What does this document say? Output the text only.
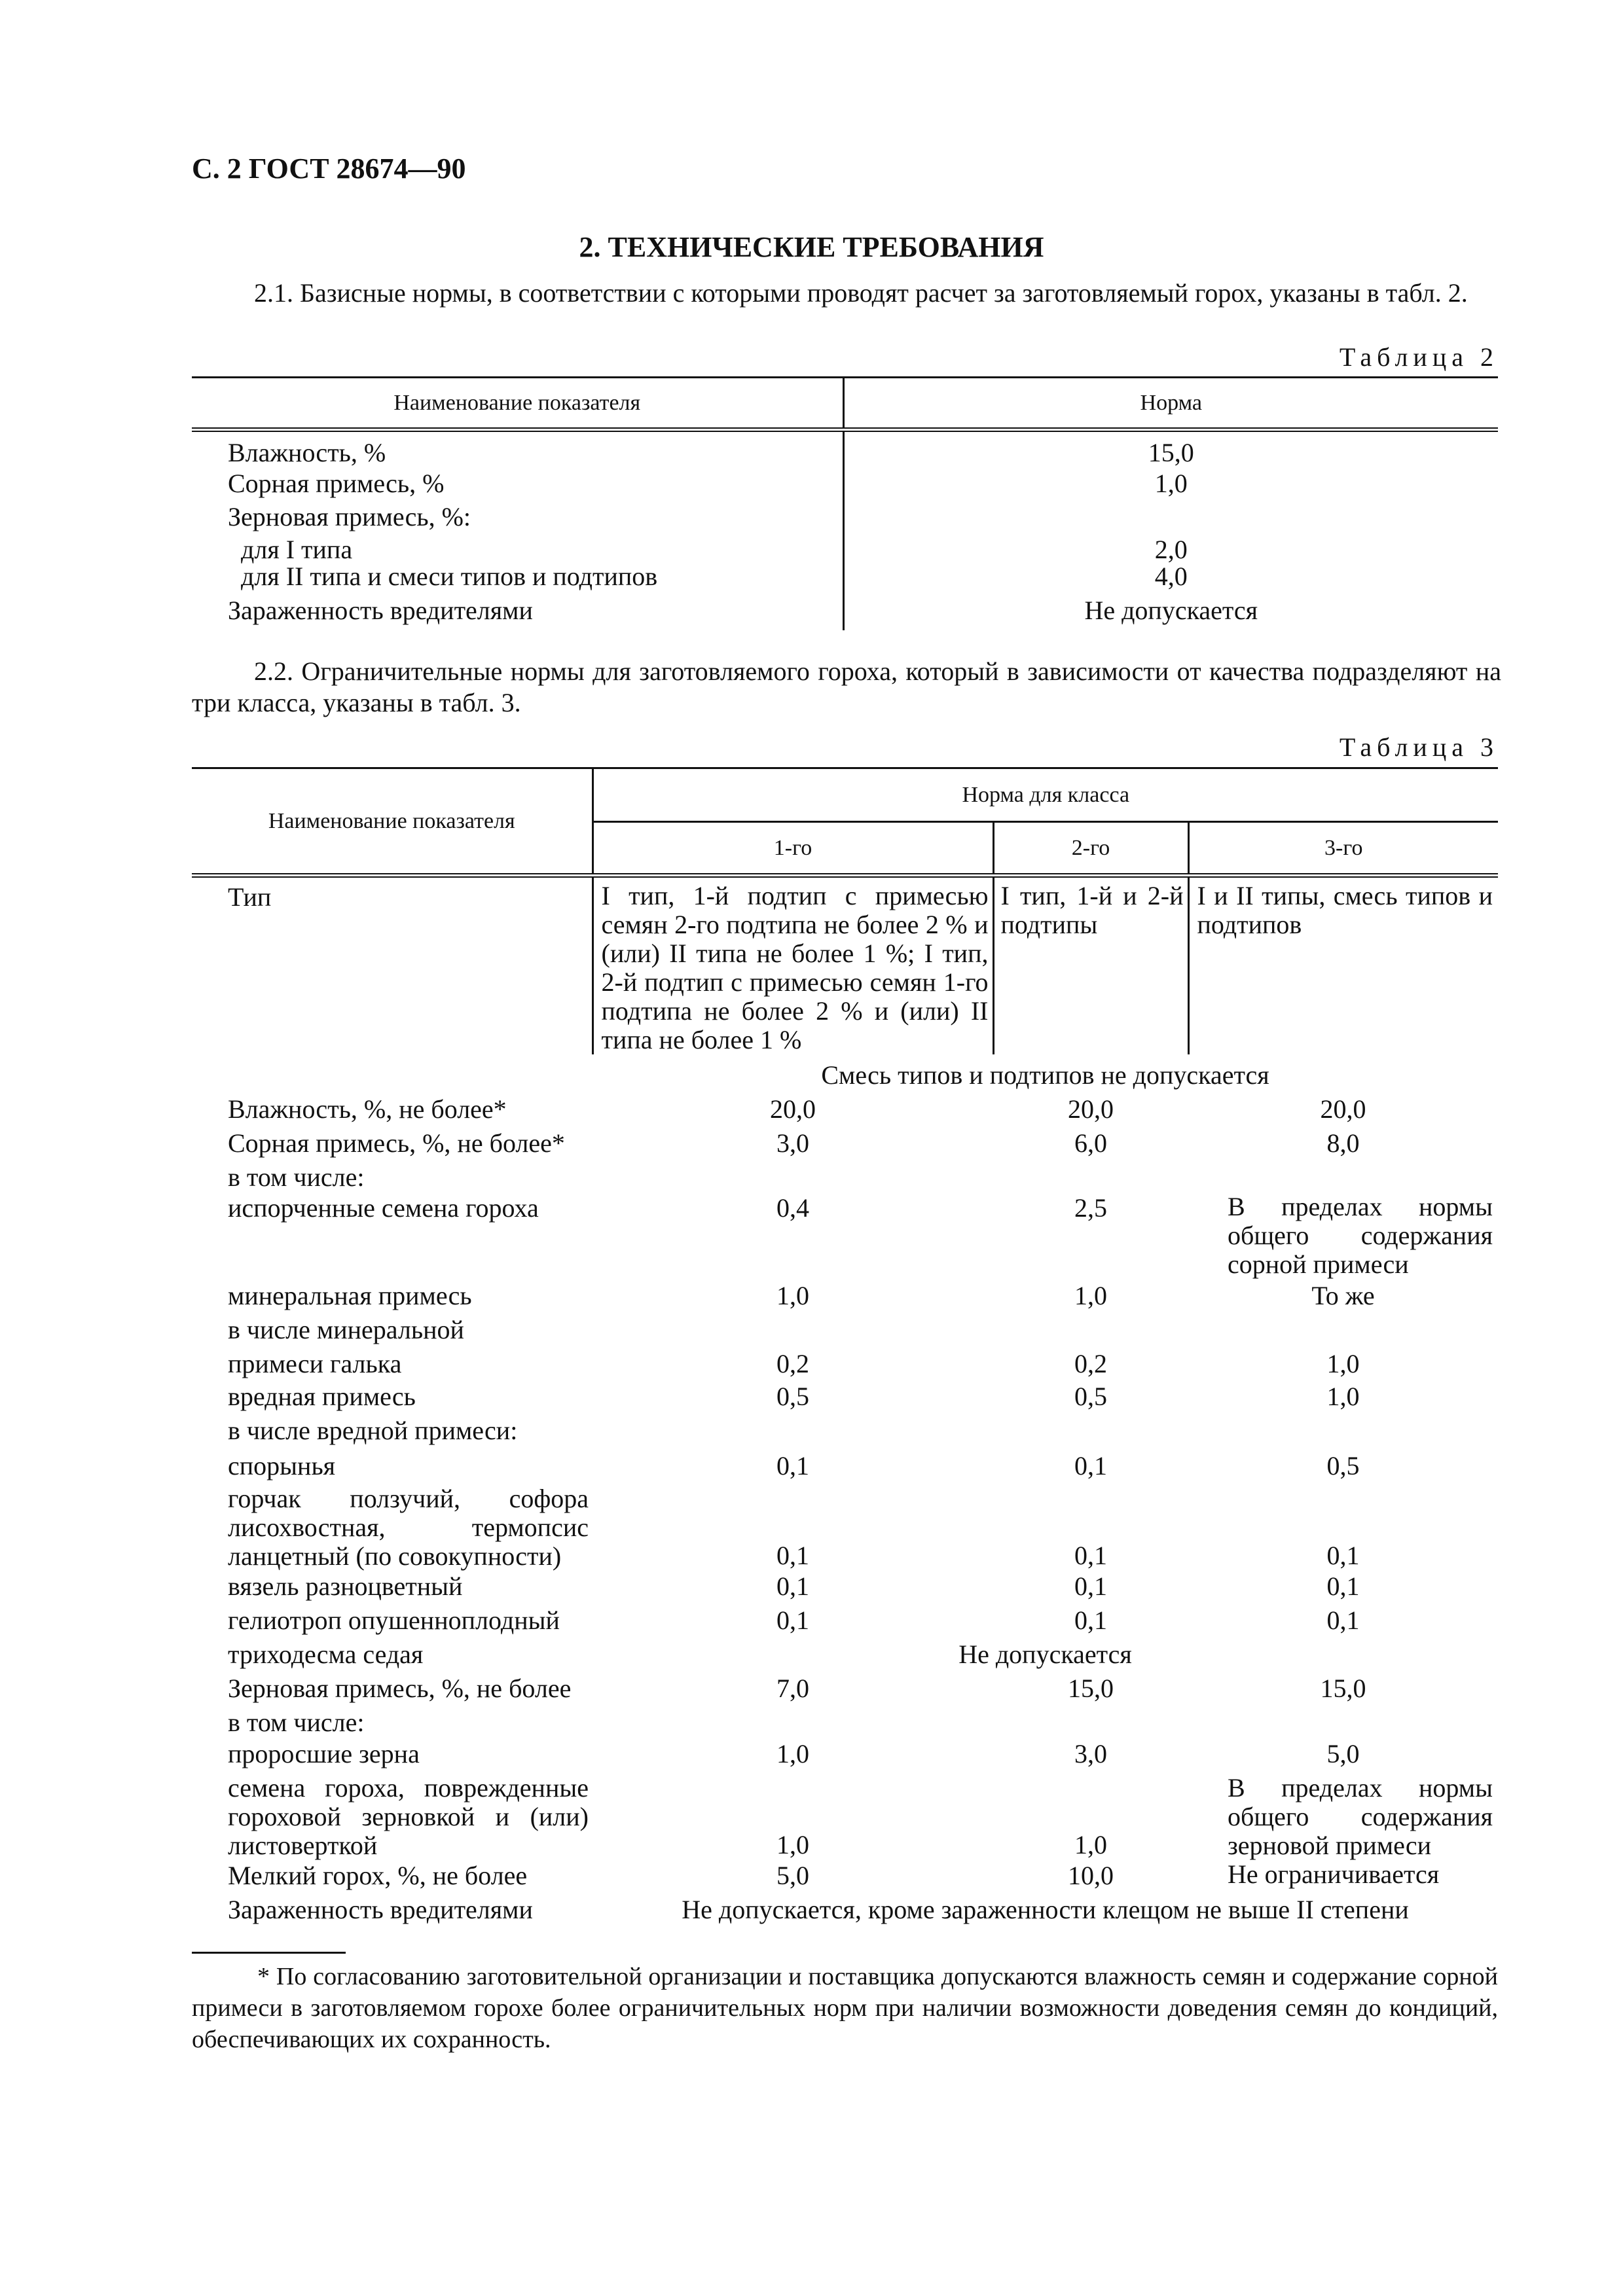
С. 2 ГОСТ 28674—90
2. ТЕХНИЧЕСКИЕ ТРЕБОВАНИЯ
2.1. Базисные нормы, в соответствии с которыми проводят расчет за заготовляемый горох, указаны в табл. 2.
Таблица 2
Наименование показателя	Норма
Влажность, %	15,0
Сорная примесь, %	1,0
Зерновая примесь, %:	
для I типа	2,0
для II типа и смеси типов и подтипов	4,0
Зараженность вредителями	Не допускается
2.2. Ограничительные нормы для заготовляемого гороха, который в зависимости от качества подразделяют на три класса, указаны в табл. 3.
Таблица 3
Наименование показателя	Норма для класса		
	1-го	2-го	3-го
Тип	I тип, 1-й подтип с примесью семян 2-го подтипа не более 2 % и (или) II типа не более 1 %; I тип, 2-й подтип с примесью семян 1-го подтипа не более 2 % и (или) II типа не более 1 %	I тип, 1-й и 2-й подтипы	I и II типы, смесь типов и подтипов
	Смесь типов и подтипов не допускается		
Влажность, %, не более*	20,0	20,0	20,0
Сорная примесь, %, не более*	3,0	6,0	8,0
в том числе:			
испорченные семена гороха	0,4	2,5	В пределах нормы общего содержания сорной примеси
минеральная примесь	1,0	1,0	То же
в числе минеральной			
примеси галька	0,2	0,2	1,0
вредная примесь	0,5	0,5	1,0
в числе вредной примеси:			
спорынья	0,1	0,1	0,5
горчак ползучий, софора лисохвостная, термопсис ланцетный (по совокупности)	0,1	0,1	0,1
вязель разноцветный	0,1	0,1	0,1
гелиотроп опушенноплодный	0,1	0,1	0,1
триходесма седая	Не допускается		
Зерновая примесь, %, не более	7,0	15,0	15,0
в том числе:			
проросшие зерна	1,0	3,0	5,0
семена гороха, поврежденные гороховой зерновкой и (или) листоверткой	1,0	1,0	В пределах нормы общего содержания зерновой примеси
Мелкий горох, %, не более	5,0	10,0	Не ограничивается
Зараженность вредителями	Не допускается, кроме зараженности клещом не выше II степени		
* По согласованию заготовительной организации и поставщика допускаются влажность семян и содержание сорной примеси в заготовляемом горохе более ограничительных норм при наличии возможности доведения семян до кондиций, обеспечивающих их сохранность.
